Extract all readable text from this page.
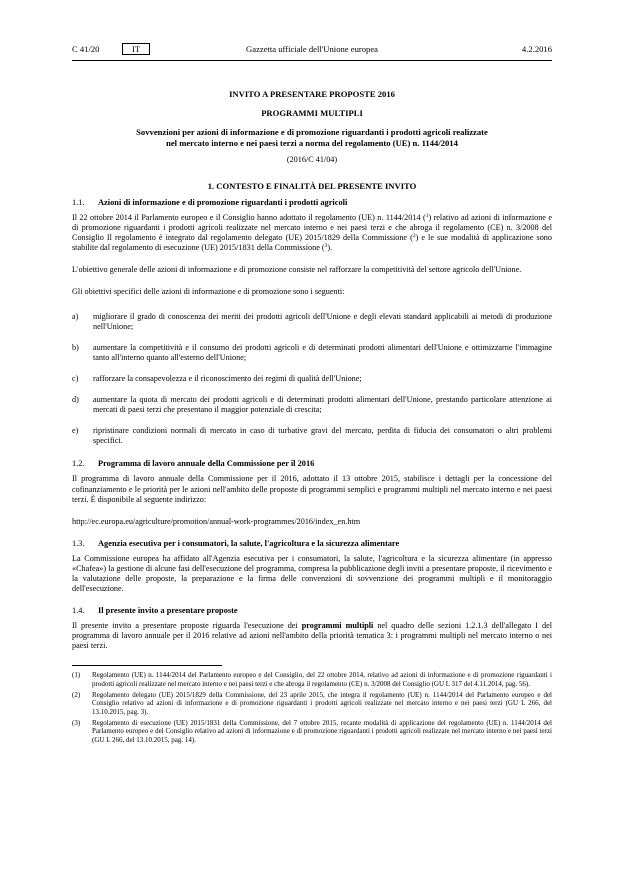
C 41/20	IT	Gazzetta ufficiale dell'Unione europea	4.2.2016
INVITO A PRESENTARE PROPOSTE 2016
PROGRAMMI MULTIPLI
Sovvenzioni per azioni di informazione e di promozione riguardanti i prodotti agricoli realizzate
nel mercato interno e nei paesi terzi a norma del regolamento (UE) n. 1144/2014
(2016/C 41/04)
1. CONTESTO E FINALITÀ DEL PRESENTE INVITO
1.1. Azioni di informazione e di promozione riguardanti i prodotti agricoli

Il 22 ottobre 2014 il Parlamento europeo e il Consiglio hanno adottato il regolamento (UE) n. 1144/2014 ($^1$) relativo ad azioni di informazione e di promozione riguardanti i prodotti agricoli realizzate nel mercato interno e nei paesi terzi e che abroga il regolamento (CE) n. 3/2008 del Consiglio Il regolamento è integrato dal regolamento delegato (UE) 2015/1829 della Commissione ($^2$) e le sue modalità di applicazione sono stabilite dal regolamento di esecuzione (UE) 2015/1831 della Commissione ($^3$).

L'obiettivo generale delle azioni di informazione e di promozione consiste nel rafforzare la competitività del settore agricolo dell'Unione.

Gli obiettivi specifici delle azioni di informazione e di promozione sono i seguenti:

a) migliorare il grado di conoscenza dei meriti dei prodotti agricoli dell'Unione e degli elevati standard applicabili ai metodi di produzione nell'Unione;
b) aumentare la competitività e il consumo dei prodotti agricoli e di determinati prodotti alimentari dell'Unione e ottimizzarne l'immagine tanto all'interno quanto all'esterno dell'Unione;
c) rafforzare la consapevolezza e il riconoscimento dei regimi di qualità dell'Unione;
d) aumentare la quota di mercato dei prodotti agricoli e di determinati prodotti alimentari dell'Unione, prestando particolare attenzione ai mercati di paesi terzi che presentano il maggior potenziale di crescita;
e) ripristinare condizioni normali di mercato in caso di turbative gravi del mercato, perdita di fiducia dei consumatori o altri problemi specifici.
1.2. Programma di lavoro annuale della Commissione per il 2016

Il programma di lavoro annuale della Commissione per il 2016, adottato il 13 ottobre 2015, stabilisce i dettagli per la concessione del cofinanziamento e le priorità per le azioni nell'ambito delle proposte di programmi semplici e programmi multipli nel mercato interno e nei paesi terzi. È disponibile al seguente indirizzo:

http://ec.europa.eu/agriculture/promotion/annual-work-programmes/2016/index_en.htm

1.3. Agenzia esecutiva per i consumatori, la salute, l'agricoltura e la sicurezza alimentare

La Commissione europea ha affidato all'Agenzia esecutiva per i consumatori, la salute, l'agricoltura e la sicurezza alimentare (in appresso «Chafea») la gestione di alcune fasi dell'esecuzione del programma, compresa la pubblicazione degli inviti a presentare proposte, il ricevimento e la valutazione delle proposte, la preparazione e la firma delle convenzioni di sovvenzione dei programmi multipli e il monitoraggio dell'esecuzione.

1.4. Il presente invito a presentare proposte

Il presente invito a presentare proposte riguarda l'esecuzione dei programmi multipli nel quadro delle sezioni 1.2.1.3 dell'allegato I del programma di lavoro annuale per il 2016 relative ad azioni nell'ambito della priorità tematica 3: i programmi multipli nel mercato interno o nei paesi terzi.

(1) Regolamento (UE) n. 1144/2014 del Parlamento europeo e del Consiglio, del 22 ottobre 2014, relativo ad azioni di informazione e di promozione riguardanti i prodotti agricoli realizzate nel mercato interno e nei paesi terzi e che abroga il regolamento (CE) n. 3/2008 del Consiglio (GU L 317 del 4.11.2014, pag. 56).
(2) Regolamento delegato (UE) 2015/1829 della Commissione, del 23 aprile 2015, che integra il regolamento (UE) n. 1144/2014 del Parlamento europeo e del Consiglio relativo ad azioni di informazione e di promozione riguardanti i prodotti agricoli realizzate nel mercato interno e nei paesi terzi (GU L 266, del 13.10.2015, pag. 3).
(3) Regolamento di esecuzione (UE) 2015/1831 della Commissione, del 7 ottobre 2015, recante modalità di applicazione del regolamento (UE) n. 1144/2014 del Parlamento europeo e del Consiglio relativo ad azioni di informazione e di promozione riguardanti i prodotti agricoli realizzate nel mercato interno e nei paesi terzi (GU L 266, del 13.10.2015, pag. 14).
